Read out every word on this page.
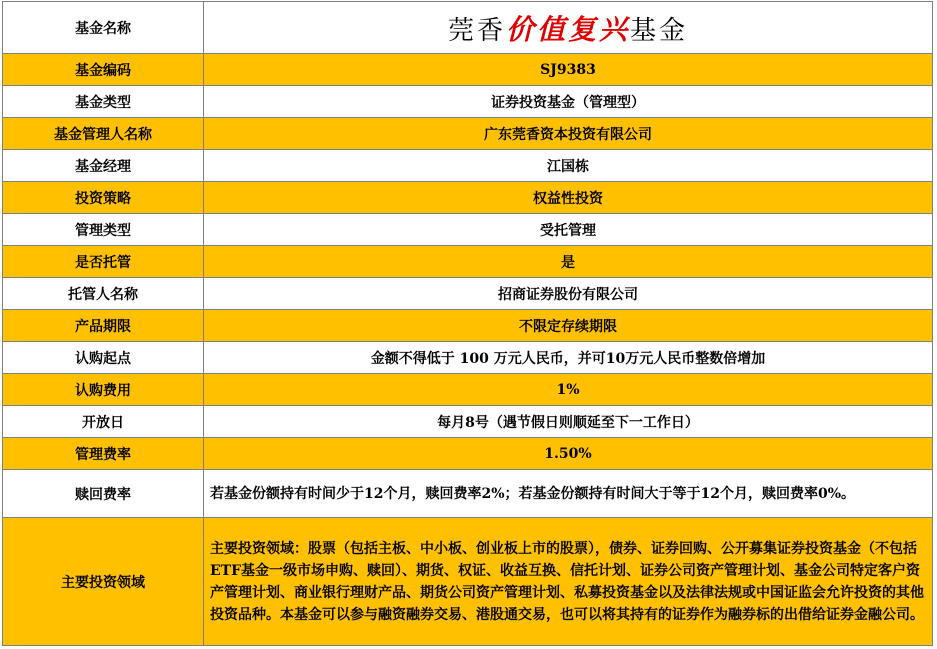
基金名称	莞香价值复兴基金
基金编码	SJ9383
基金类型	证券投资基金（管理型）
基金管理人名称	广东莞香资本投资有限公司
基金经理	江国栋
投资策略	权益性投资
管理类型	受托管理
是否托管	是
托管人名称	招商证券股份有限公司
产品期限	不限定存续期限
认购起点	金额不得低于 100 万元人民币，并可10万元人民币整数倍增加
认购费用	1%
开放日	每月8号（遇节假日则顺延至下一工作日）
管理费率	1.50%
赎回费率	若基金份额持有时间少于12个月，赎回费率2%；若基金份额持有时间大于等于12个月，赎回费率0%。
主要投资领域	主要投资领域：股票（包括主板、中小板、创业板上市的股票），债券、证券回购、公开募集证券投资基金（不包括ETF基金一级市场申购、赎回）、期货、权证、收益互换、信托计划、证券公司资产管理计划、基金公司特定客户资产管理计划、商业银行理财产品、期货公司资产管理计划、私募投资基金以及法律法规或中国证监会允许投资的其他投资品种。本基金可以参与融资融券交易、港股通交易，也可以将其持有的证券作为融券标的出借给证券金融公司。
